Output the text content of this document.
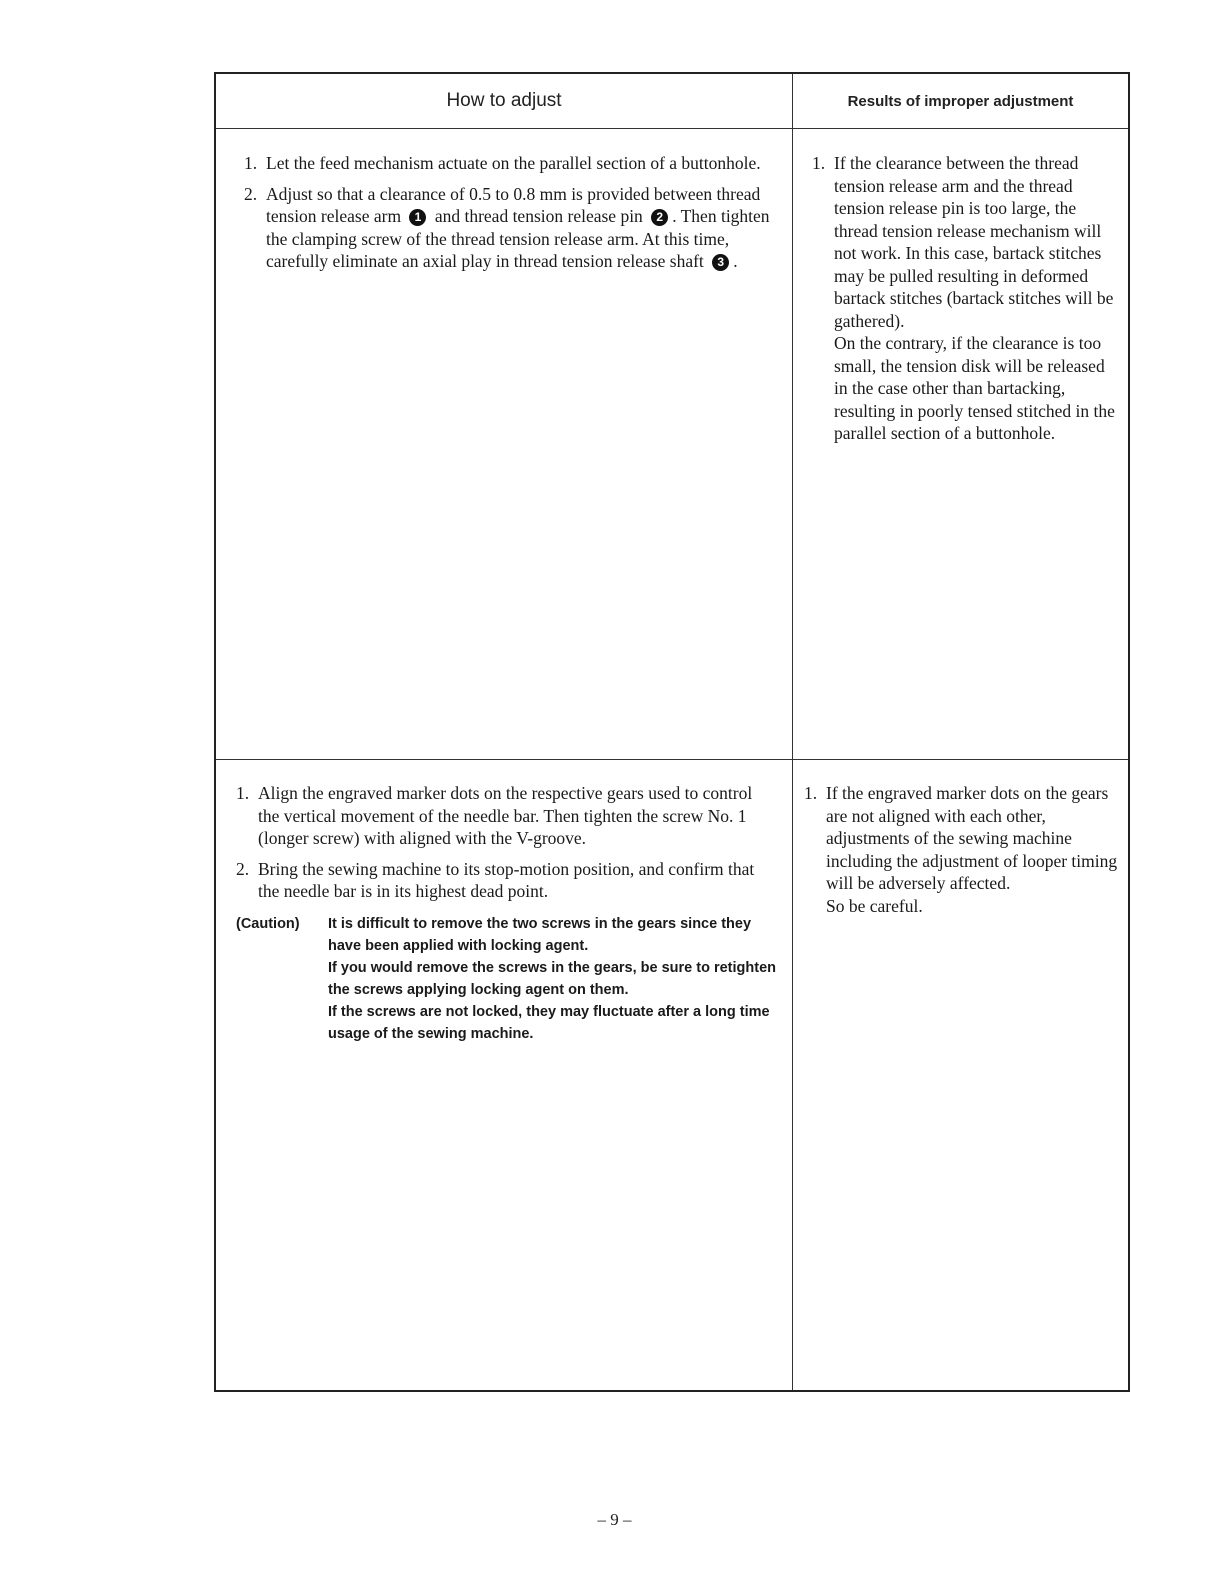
How to adjust	Results of improper adjustment
1. Let the feed mechanism actuate on the parallel section of a buttonhole.
2. Adjust so that a clearance of 0.5 to 0.8 mm is provided between thread tension release arm 1 and thread tension release pin 2 . Then tighten the clamping screw of the thread tension release arm. At this time, carefully eliminate an axial play in thread tension release shaft 3 .
1. If the clearance between the thread tension release arm and the thread tension release pin is too large, the thread tension release mechanism will not work. In this case, bartack stitches may be pulled resulting in deformed bartack stitches (bartack stitches will be gathered).
On the contrary, if the clearance is too small, the tension disk will be released in the case other than bartacking, resulting in poorly tensed stitched in the parallel section of a buttonhole.
1. Align the engraved marker dots on the respective gears used to control the vertical movement of the needle bar. Then tighten the screw No. 1 (longer screw) with aligned with the V-groove.
2. Bring the sewing machine to its stop-motion position, and confirm that the needle bar is in its highest dead point.
(Caution)	It is difficult to remove the two screws in the gears since they have been applied with locking agent.

If you would remove the screws in the gears, be sure to retighten the screws applying locking agent on them.

If the screws are not locked, they may fluctuate after a long time usage of the sewing machine.

1. If the engraved marker dots on the gears are not aligned with each other, adjustments of the sewing machine including the adjustment of looper timing will be adversely affected.
So be careful.
– 9 –
